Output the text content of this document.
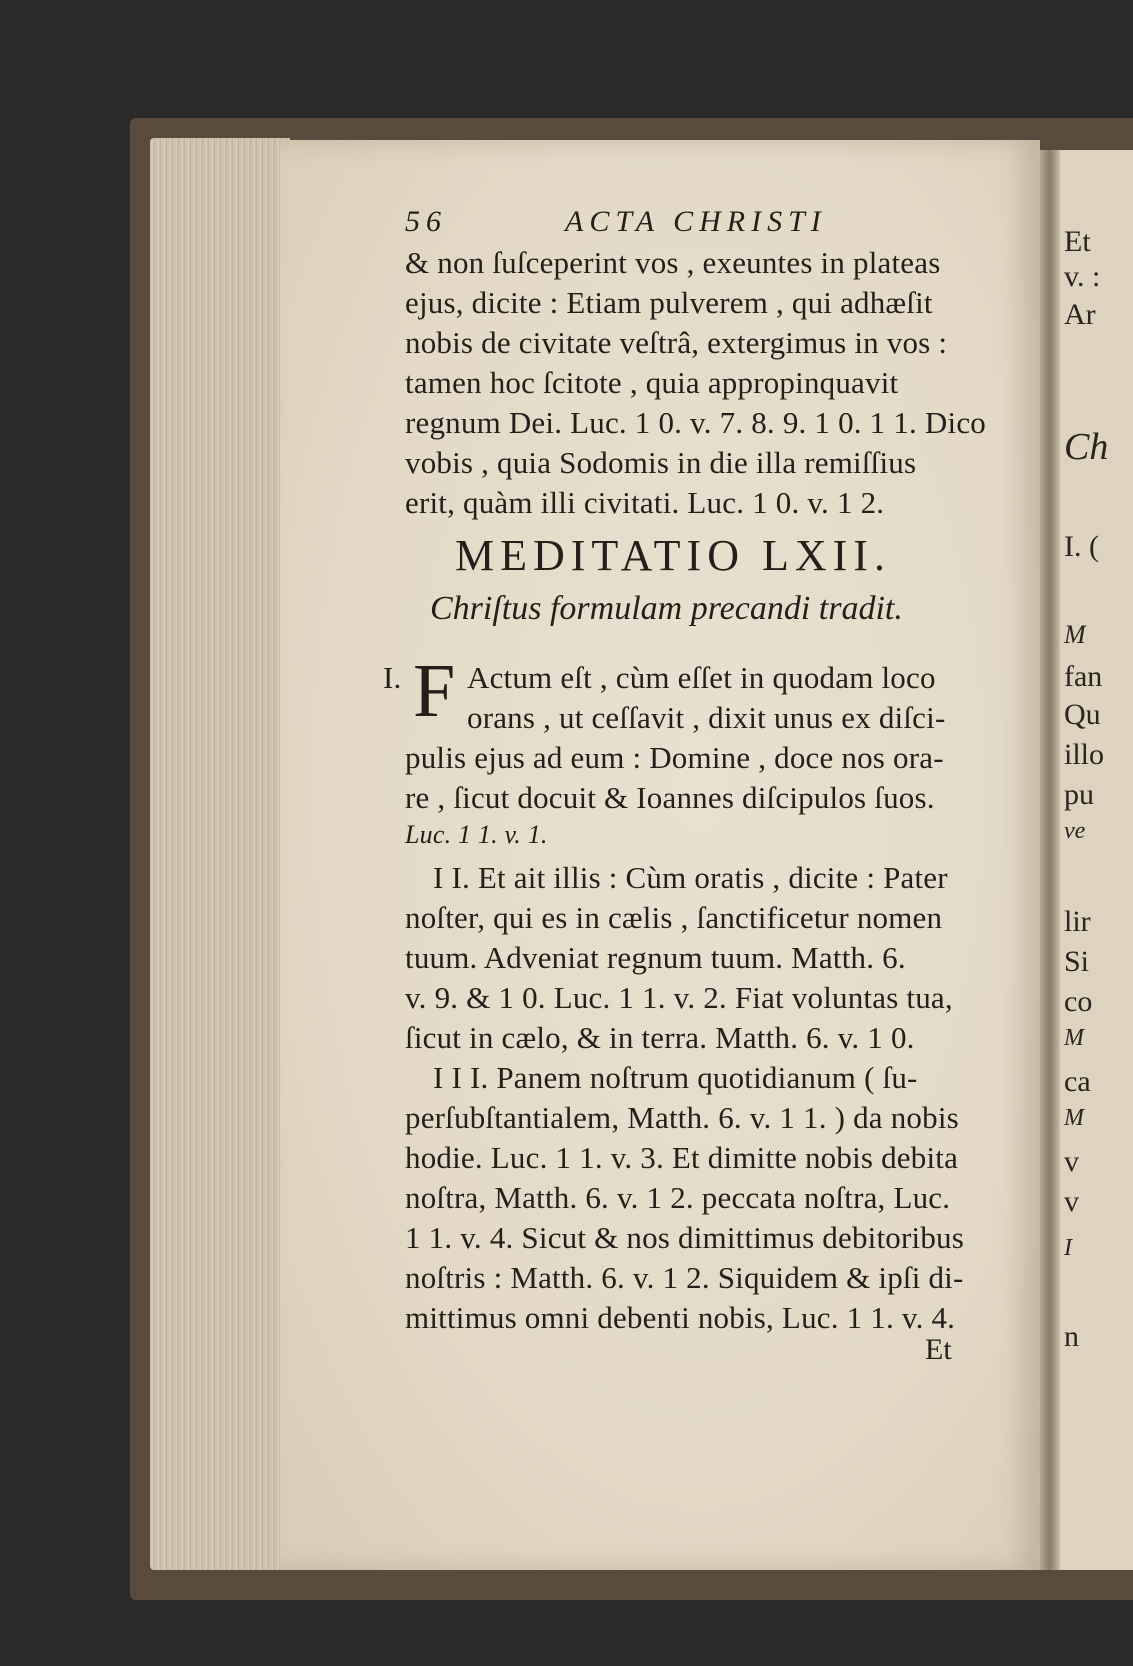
Et
v. :
Ar
Ch
I. (
M
fan
Qu
illo
pu
ve
lir
Si
co
M
ca
M
v
v
I
n
56	ACTA CHRISTI
& non ſuſceperint vos , exeuntes in plateas
ejus, dicite : Etiam pulverem , qui adhæſit
nobis de civitate veſtrâ, extergimus in vos :
tamen hoc ſcitote , quia appropinquavit
regnum Dei. Luc. 1 0. v. 7. 8. 9. 1 0. 1 1. Dico
vobis , quia Sodomis in die illa remiſſius
erit, quàm illi civitati. Luc. 1 0. v. 1 2.
MEDITATIO LXII.
Chriſtus formulam precandi tradit.
I. F Actum eſt , cùm eſſet in quodam loco
orans , ut ceſſavit , dixit unus ex diſci-
pulis ejus ad eum : Domine , doce nos ora-
re , ſicut docuit & Ioannes diſcipulos ſuos.
Luc. 1 1. v. 1.
I I. Et ait illis : Cùm oratis , dicite : Pater
noſter, qui es in cælis , ſanctificetur nomen
tuum. Adveniat regnum tuum. Matth. 6.
v. 9. & 1 0. Luc. 1 1. v. 2. Fiat voluntas tua,
ſicut in cælo, & in terra. Matth. 6. v. 1 0.
I I I. Panem noſtrum quotidianum ( ſu-
perſubſtantialem, Matth. 6. v. 1 1. ) da nobis
hodie. Luc. 1 1. v. 3. Et dimitte nobis debita
noſtra, Matth. 6. v. 1 2. peccata noſtra, Luc.
1 1. v. 4. Sicut & nos dimittimus debitoribus
noſtris : Matth. 6. v. 1 2. Siquidem & ipſi di-
mittimus omni debenti nobis, Luc. 1 1. v. 4.
Et
